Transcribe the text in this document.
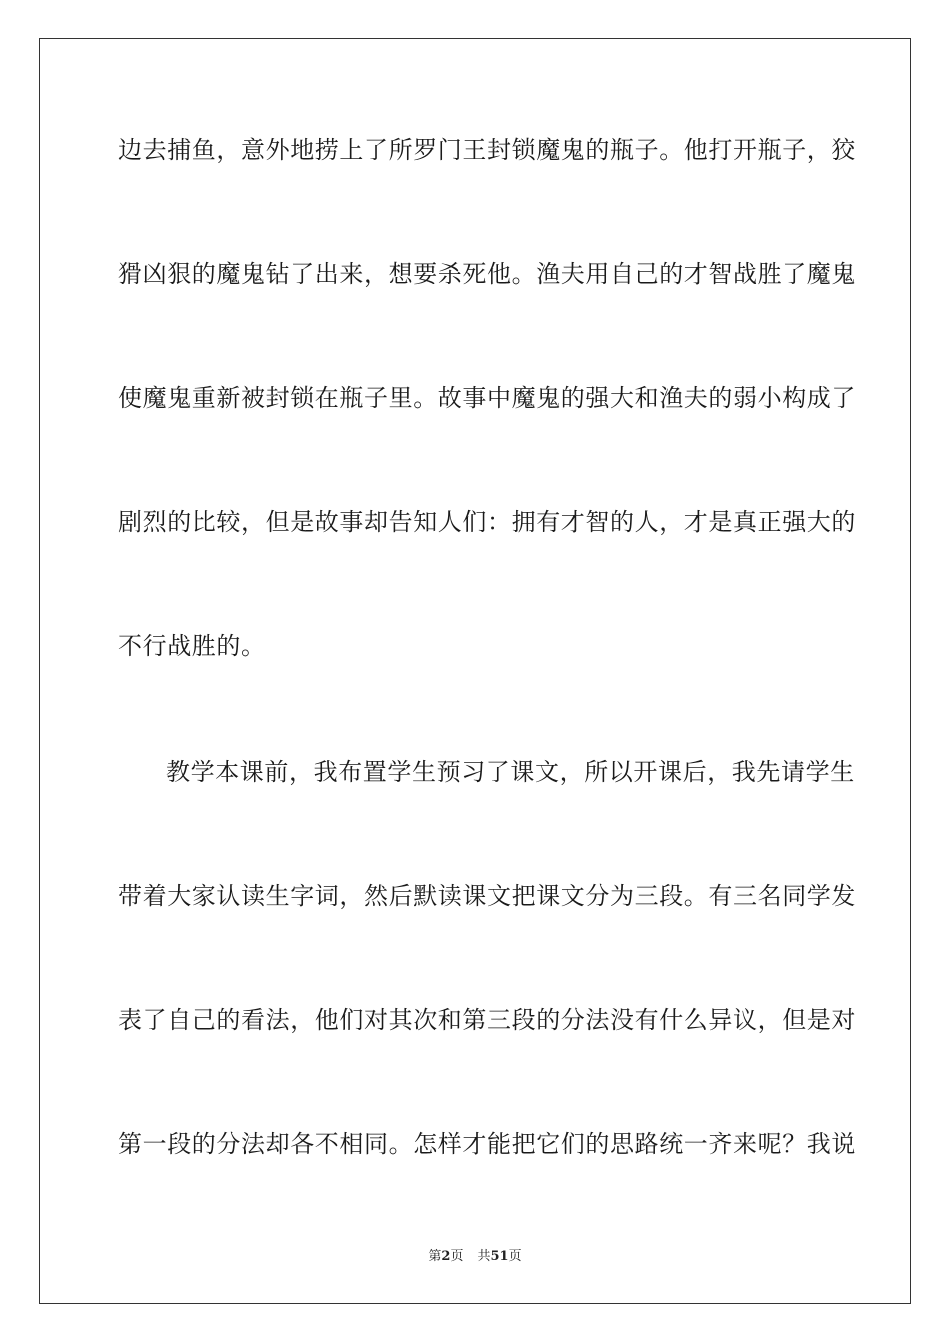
边去捕鱼，意外地捞上了所罗门王封锁魔鬼的瓶子。他打开瓶子，狡
猾凶狠的魔鬼钻了出来，想要杀死他。渔夫用自己的才智战胜了魔鬼
使魔鬼重新被封锁在瓶子里。故事中魔鬼的强大和渔夫的弱小构成了
剧烈的比较，但是故事却告知人们：拥有才智的人，才是真正强大的
不行战胜的。
教学本课前，我布置学生预习了课文，所以开课后，我先请学生
带着大家认读生字词，然后默读课文把课文分为三段。有三名同学发
表了自己的看法，他们对其次和第三段的分法没有什么异议，但是对
第一段的分法却各不相同。怎样才能把它们的思路统一齐来呢？我说
第2页 共51页
